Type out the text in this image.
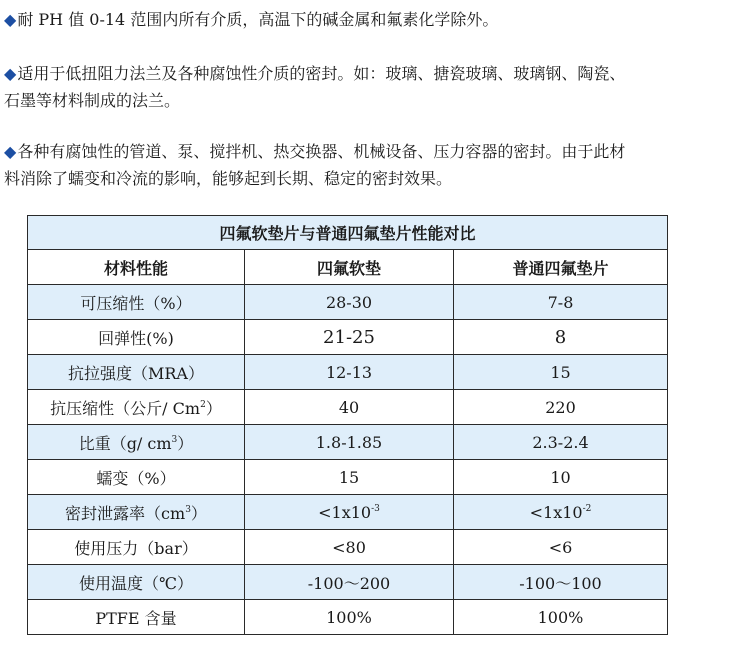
◆耐 PH 值 0-14 范围内所有介质，高温下的碱金属和氟素化学除外。

◆适用于低扭阻力法兰及各种腐蚀性介质的密封。如：玻璃、搪瓷玻璃、玻璃钢、陶瓷、
石墨等材料制成的法兰。

◆各种有腐蚀性的管道、泵、搅拌机、热交换器、机械设备、压力容器的密封。由于此材
料消除了蠕变和冷流的影响，能够起到长期、稳定的密封效果。

四氟软垫片与普通四氟垫片性能对比		
材料性能	四氟软垫	普通四氟垫片
可压缩性（%）	28-30	7-8
回弹性(%)	21-25	8
抗拉强度（MRA）	12-13	15
抗压缩性（公斤/ Cm$^2$）	40	220
比重（g/ $cm^3$）	1.8-1.85	2.3-2.4
蠕变（%）	15	10
密封泄露率$(cm^3)$	$<1x10^{-3}$	$<1x10^{-2}$
使用压力（bar）	<80	<6
使用温度（℃）	-100～200	-100～100
PTFE 含量	100%	100%
